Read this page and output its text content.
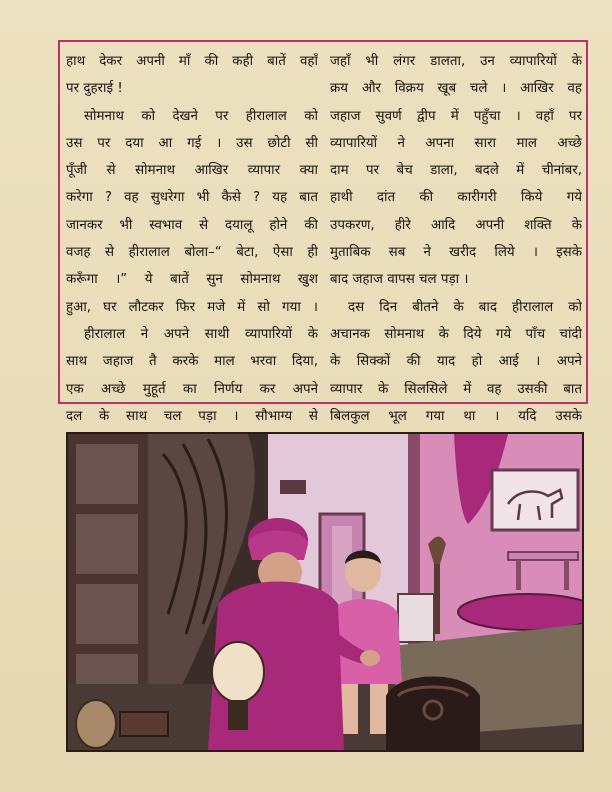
हाथ देकर अपनी माँ की कही बातें वहाँ
पर दुहराई !
सोमनाथ को देखने पर हीरालाल को
उस पर दया आ गई । उस छोटी सी
पूँजी से सोमनाथ आखिर व्यापार क्या
करेगा ? वह सुधरेगा भी कैसे ? यह बात
जानकर भी स्वभाव से दयालू होने की
वजह से हीरालाल बोला–“ बेटा, ऐसा ही
करूँगा ।” ये बातें सुन सोमनाथ खुश
हुआ, घर लौटकर फिर मजे में सो गया ।
हीरालाल ने अपने साथी व्यापारियों के
साथ जहाज तै करके माल भरवा दिया,
एक अच्छे मुहूर्त का निर्णय कर अपने
दल के साथ चल पड़ा । सौभाग्य से
जहाँ भी लंगर डालता, उन व्यापारियों के
क्रय और विक्रय खूब चले । आखिर वह
जहाज सुवर्ण द्वीप में पहुँचा । वहाँ पर
व्यापारियों ने अपना सारा माल अच्छे
दाम पर बेच डाला, बदले में चीनांबर,
हाथी दांत की कारीगरी किये गये
उपकरण, हीरे आदि अपनी शक्ति के
मुताबिक सब ने खरीद लिये । इसके
बाद जहाज वापस चल पड़ा ।
दस दिन बीतने के बाद हीरालाल को
अचानक सोमनाथ के दिये गये पाँच चांदी
के सिक्कों की याद हो आई । अपने
व्यापार के सिलसिले में वह उसकी बात
बिलकुल भूल गया था । यदि उसके
